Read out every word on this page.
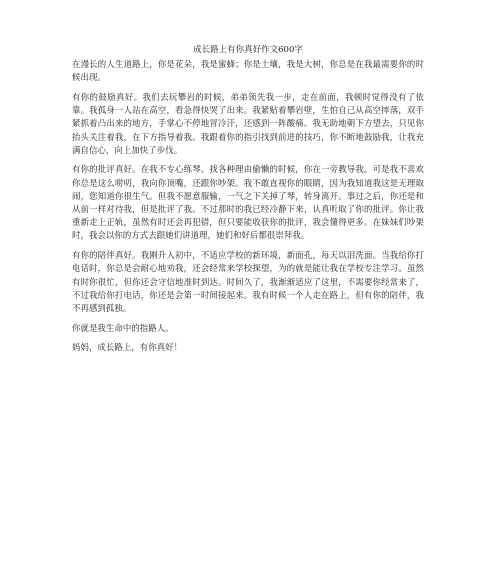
成长路上有你真好作文600字

在漫长的人生道路上，你是花朵，我是蜜蜂；你是土壤，我是大树，你总是在我最需要你的时候出现。

有你的鼓励真好。我们去玩攀岩的时候，弟弟领先我一步，走在前面，我顿时觉得没有了依靠。我孤身一人站在高空，看急得快哭了出来。我紧贴着攀岩壁，生怕自己从高空摔落，双手紧抓着凸出来的地方，手掌心不停地冒冷汗，还感到一阵酸痛。我无助地朝下方望去，只见你抬头关注着我，在下方指导着我。我跟着你的指引找到前进的技巧，你不断地鼓励我，让我充满自信心，向上加快了步伐。

有你的批评真好。在我不专心练琴、找各种理由偷懒的时候，你在一旁教导我。可是我不喜欢你总是这么唠叨，我向你顶嘴，还跟你吵架。我不敢直视你的眼睛，因为我知道我这是无理取闹，您知道你很生气。但我不愿意服输，一气之下关掉了琴，转身离开。事过之后，你还是和从前一样对待我，但是批评了我。不过那时的我已经冷静下来，认真听取了你的批评。你让我重新走上正轨，虽然有时还会再犯错，但只要能收获你的批评，我会懂得更多。在妹妹们吵架时，我会以你的方式去跟她们讲道理，她们和好后都很崇拜我。

有你的陪伴真好。我刚升入初中，不适应学校的新环境，新面孔，每天以泪洗面。当我给你打电话时，你总是会耐心地劝我，还会经常来学校探望，为的就是能让我在学校专注学习。虽然有时你很忙，但你还会守信地准时到达。时间久了，我渐渐适应了这里，不需要你经常来了，不过我给你打电话，你还是会第一时间接起来。我有时候一个人走在路上，但有你的陪伴，我不再感到孤独。

你就是我生命中的指路人。

妈妈，成长路上，有你真好！
